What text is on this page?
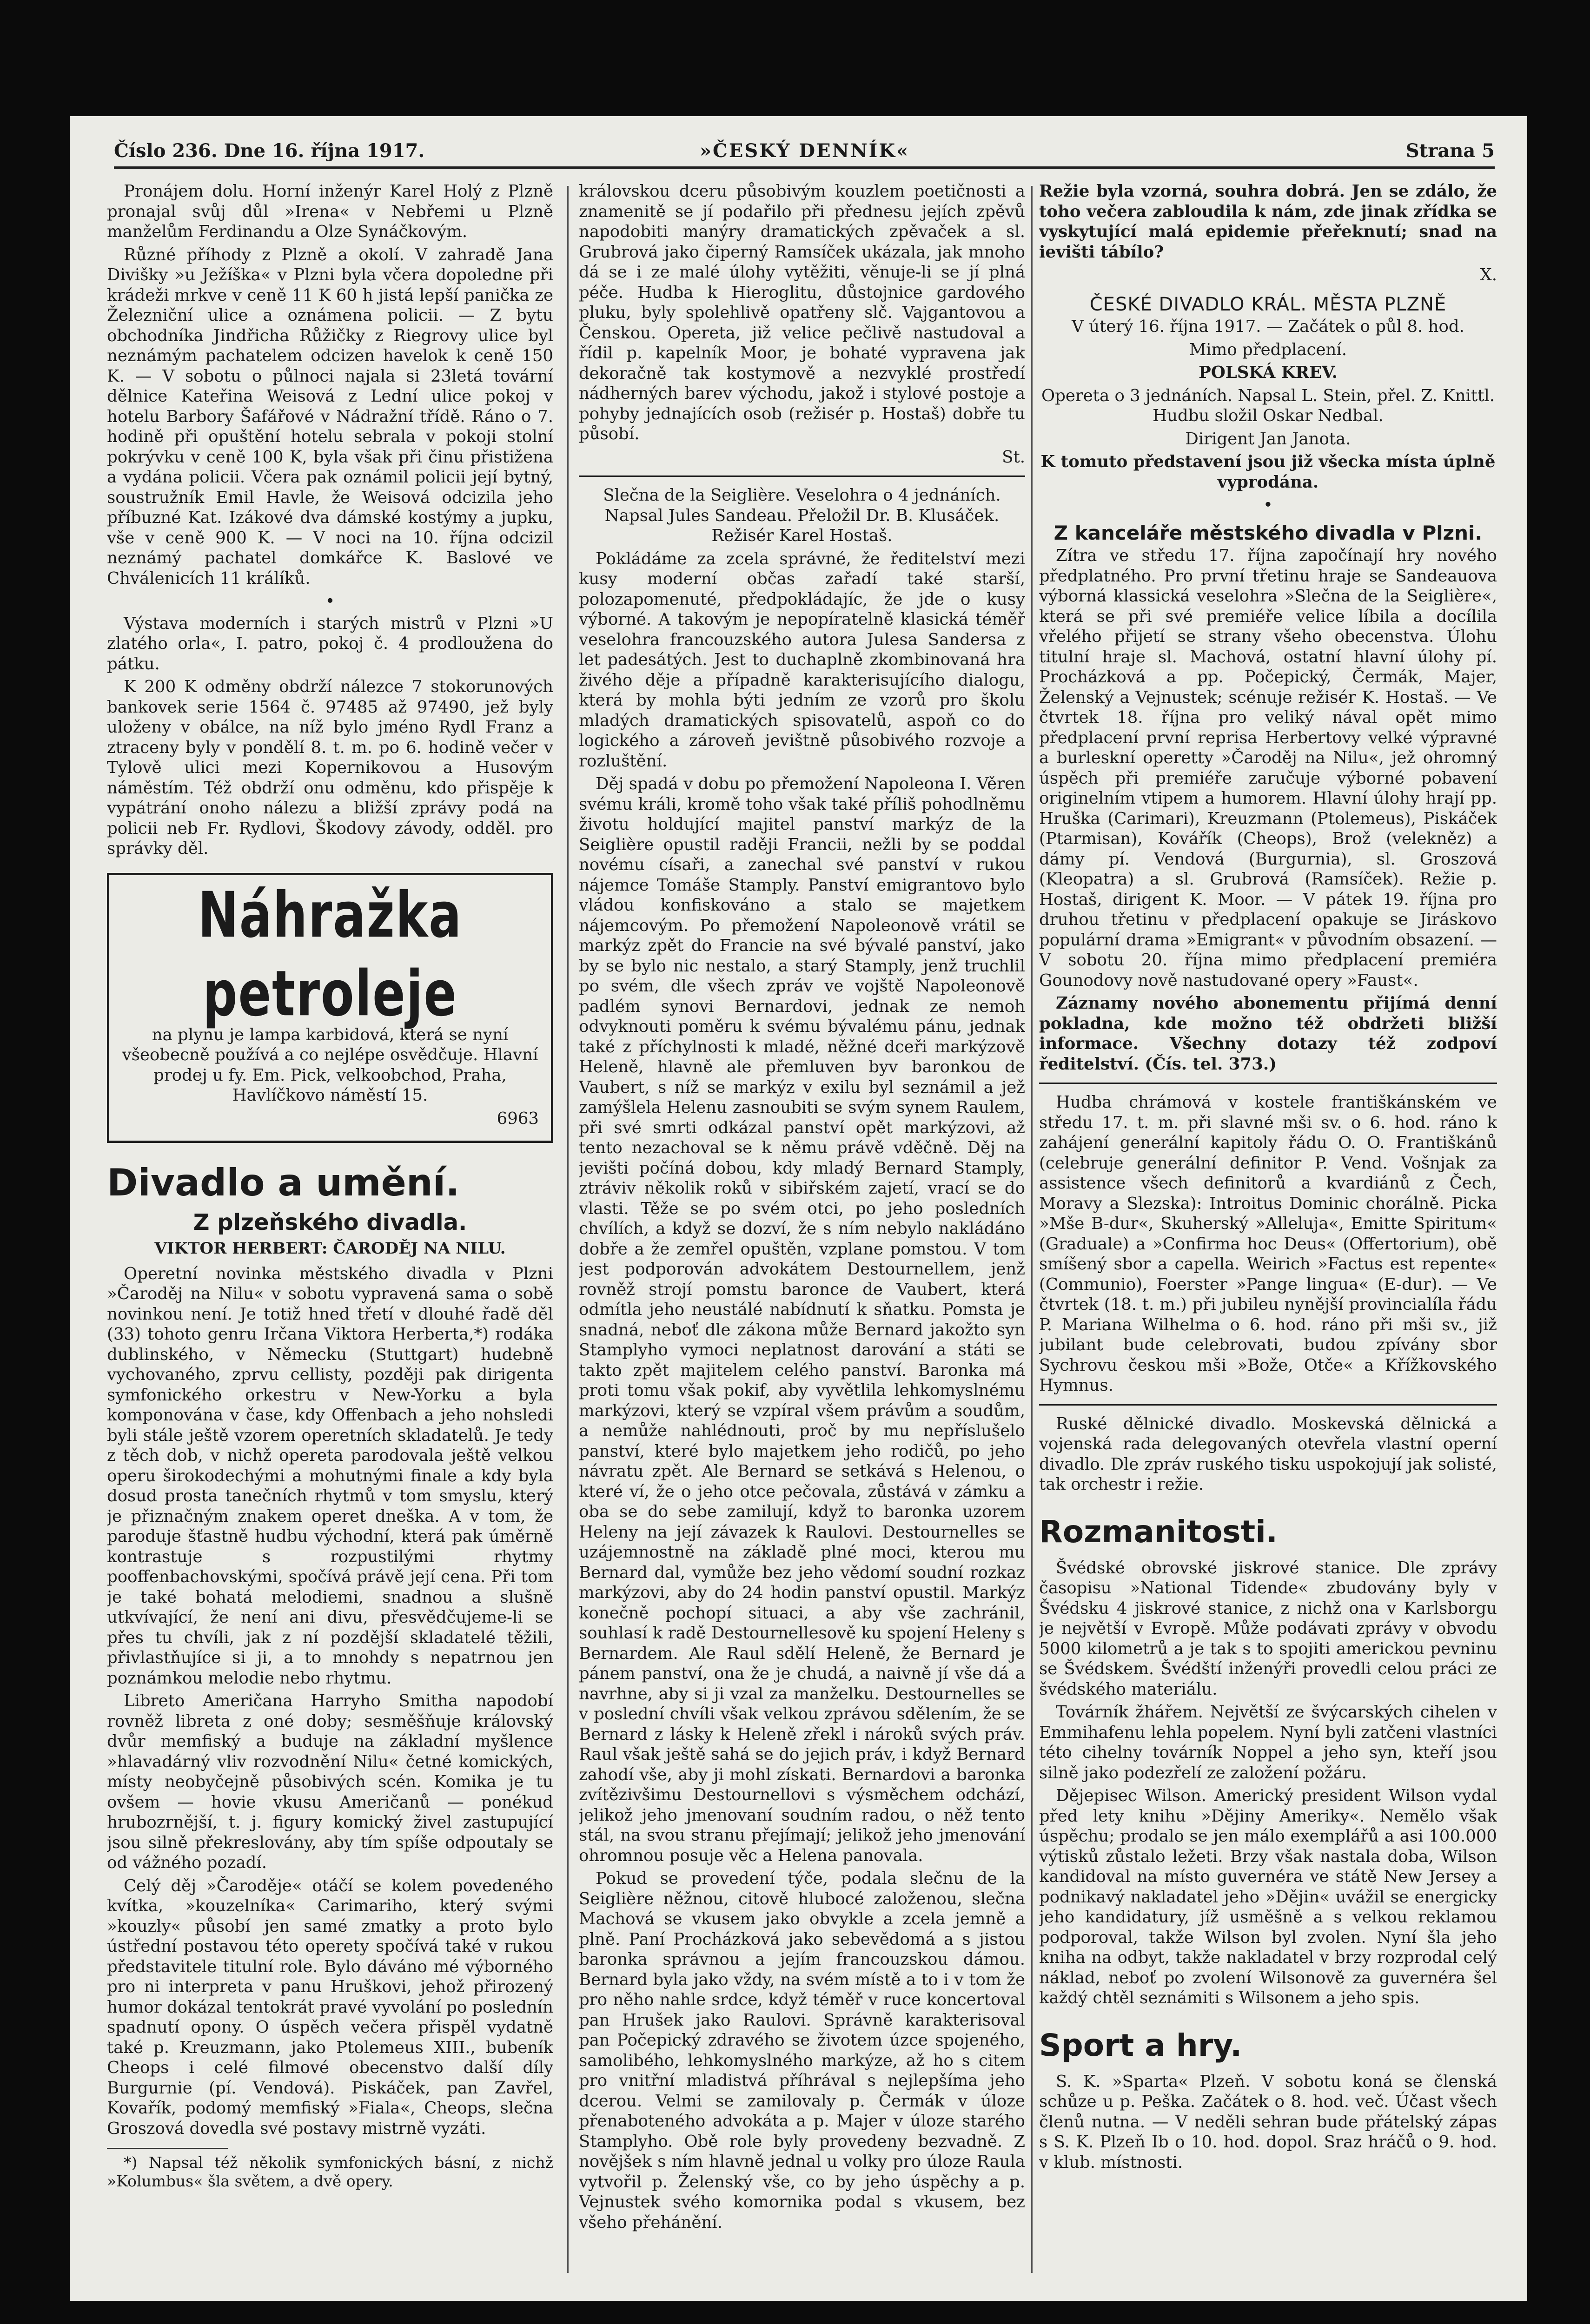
Číslo 236. Dne 16. října 1917.	»ČESKÝ DENNÍK«	Strana 5

Pronájem dolu. Horní inženýr Karel Holý z Plzně pronajal svůj důl »Irena« v Nebřemi u Plzně manželům Ferdinandu a Olze Synáčkovým.

Různé příhody z Plzně a okolí. V zahradě Jana Divišky »u Ježíška« v Plzni byla včera dopoledne při krádeži mrkve v ceně 11 K 60 h jistá lepší panička ze Železniční ulice a oznámena policii. — Z bytu obchodníka Jindřicha Růžičky z Riegrovy ulice byl neznámým pachatelem odcizen havelok k ceně 150 K. — V sobotu o půlnoci najala si 23letá tovární dělnice Kateřina Weisová z Lední ulice pokoj v hotelu Barbory Šafářové v Nádražní třídě. Ráno o 7. hodině při opuštění hotelu sebrala v pokoji stolní pokrývku v ceně 100 K, byla však při činu přistižena a vydána policii. Včera pak oznámil policii její bytný, soustružník Emil Havle, že Weisová odcizila jeho příbuzné Kat. Izákové dva dámské kostýmy a jupku, vše v ceně 900 K. — V noci na 10. října odcizil neznámý pachatel domkářce K. Baslové ve Chválenicích 11 králíků.

•

Výstava moderních i starých mistrů v Plzni »U zlatého orla«, I. patro, pokoj č. 4 prodloužena do pátku.

K 200 K odměny obdrží nálezce 7 stokorunových bankovek serie 1564 č. 97485 až 97490, jež byly uloženy v obálce, na níž bylo jméno Rydl Franz a ztraceny byly v pondělí 8. t. m. po 6. hodině večer v Tylově ulici mezi Kopernikovou a Husovým náměstím. Též obdrží onu odměnu, kdo přispěje k vypátrání onoho nálezu a bližší zprávy podá na policii neb Fr. Rydlovi, Škodovy závody, odděl. pro správky děl.

Náhražka petroleje

na plynu je lampa karbidová, která se nyní všeobecně používá a co nejlépe osvědčuje. Hlavní prodej u fy. Em. Pick, velkoobchod, Praha, Havlíčkovo náměstí 15.

6963

Divadlo a umění.
Z plzeňského divadla.
VIKTOR HERBERT: ČARODĚJ NA NILU.

Operetní novinka městského divadla v Plzni »Čaroděj na Nilu« v sobotu vypravená sama o sobě novinkou není. Je totiž hned třetí v dlouhé řadě děl (33) tohoto genru Irčana Viktora Herberta,*) rodáka dublinského, v Německu (Stuttgart) hudebně vychovaného, zprvu cellisty, později pak dirigenta symfonického orkestru v New-Yorku a byla komponována v čase, kdy Offenbach a jeho nohsledi byli stále ještě vzorem operetních skladatelů. Je tedy z těch dob, v nichž opereta parodovala ještě velkou operu širokodechými a mohutnými finale a kdy byla dosud prosta tanečních rhytmů v tom smyslu, který je přiznačným znakem operet dneška. A v tom, že paroduje šťastně hudbu východní, která pak úměrně kontrastuje s rozpustilými rhytmy pooffenbachovskými, spočívá právě její cena. Při tom je také bohatá melodiemi, snadnou a slušně utkvívající, že není ani divu, přesvědčujeme-li se přes tu chvíli, jak z ní pozdější skladatelé těžili, přivlastňujíce si ji, a to mnohdy s nepatrnou jen poznámkou melodie nebo rhytmu.

Libreto Američana Harryho Smitha napodobí rovněž libreta z oné doby; sesměšňuje královský dvůr memfiský a buduje na základní myšlence »hlavadárný vliv rozvodnění Nilu« četné komických, místy neobyčejně působivých scén. Komika je tu ovšem — hovie vkusu Američanů — ponékud hrubozrnější, t. j. figury komický živel zastupující jsou silně překreslovány, aby tím spíše odpoutaly se od vážného pozadí.

Celý děj »Čaroděje« otáčí se kolem povedeného kvítka, »kouzelníka« Carimariho, který svými »kouzly« působí jen samé zmatky a proto bylo ústřední postavou této operety spočívá také v rukou představitele titulní role. Bylo dáváno mé výborného pro ni interpreta v panu Hruškovi, jehož přirozený humor dokázal tentokrát pravé vyvolání po poslednín spadnutí opony. O úspěch večera přispěl vydatně také p. Kreuzmann, jako Ptolemeus XIII., bubeník Cheops i celé filmové obecenstvo další díly Burgurnie (pí. Vendová). Piskáček, pan Zavřel, Kovařík, podomý memfiský »Fiala«, Cheops, slečna Groszová dovedla své postavy mistrně vyzáti.

*) Napsal též několik symfonických básní, z nichž »Kolumbus« šla světem, a dvě opery.

královskou dceru působivým kouzlem poetičnosti a znamenitě se jí podařilo při přednesu jejích zpěvů napodobiti manýry dramatických zpěvaček a sl. Grubrová jako čiperný Ramsíček ukázala, jak mnoho dá se i ze malé úlohy vytěžiti, věnuje-li se jí plná péče. Hudba k Hieroglitu, důstojnice gardového pluku, byly spolehlivě opatřeny slč. Vajgantovou a Čenskou. Opereta, již velice pečlivě nastudoval a řídil p. kapelník Moor, je bohaté vypravena jak dekoračně tak kostymově a nezvyklé prostředí nádherných barev východu, jakož i stylové postoje a pohyby jednajících osob (režisér p. Hostaš) dobře tu působí.

St.

Slečna de la Seiglière. Veselohra o 4 jednáních. Napsal Jules Sandeau. Přeložil Dr. B. Klusáček. Režisér Karel Hostaš.

Pokládáme za zcela správné, že ředitelství mezi kusy moderní občas zařadí také starší, polozapomenuté, předpokládajíc, že jde o kusy výborné. A takovým je nepopíratelně klasická téměř veselohra francouzského autora Julesa Sandersa z let padesátých. Jest to duchaplně zkombinovaná hra živého děje a případně karakterisujícího dialogu, která by mohla býti jedním ze vzorů pro školu mladých dramatických spisovatelů, aspoň co do logického a zároveň jevištně působivého rozvoje a rozluštění.

Děj spadá v dobu po přemožení Napoleona I. Věren svému králi, kromě toho však také příliš pohodlněmu životu holdující majitel panství markýz de la Seiglière opustil raději Francii, nežli by se poddal novému císaři, a zanechal své panství v rukou nájemce Tomáše Stamply. Panství emigrantovo bylo vládou konfiskováno a stalo se majetkem nájemcovým. Po přemožení Napoleonově vrátil se markýz zpět do Francie na své bývalé panství, jako by se bylo nic nestalo, a starý Stamply, jenž truchlil po svém, dle všech zpráv ve vojště Napoleonově padlém synovi Bernardovi, jednak ze nemoh odvyknouti poměru k svému bývalému pánu, jednak také z příchylnosti k mladé, něžné dceři markýzově Heleně, hlavně ale přemluven byv baronkou de Vaubert, s níž se markýz v exilu byl seznámil a jež zamýšlela Helenu zasnoubiti se svým synem Raulem, při své smrti odkázal panství opět markýzovi, až tento nezachoval se k němu právě vděčně. Děj na jevišti počíná dobou, kdy mladý Bernard Stamply, ztráviv několik roků v sibiřském zajetí, vrací se do vlasti. Těže se po svém otci, po jeho posledních chvílích, a když se dozví, že s ním nebylo nakládáno dobře a že zemřel opuštěn, vzplane pomstou. V tom jest podporován advokátem Destournellem, jenž rovněž strojí pomstu baronce de Vaubert, která odmítla jeho neustálé nabídnutí k sňatku. Pomsta je snadná, neboť dle zákona může Bernard jakožto syn Stamplyho vymoci neplatnost darování a státi se takto zpět majitelem celého panství. Baronka má proti tomu však pokif, aby vyvětlila lehkomyslnému markýzovi, který se vzpíral všem právům a soudům, a nemůže nahlédnouti, proč by mu nepříslušelo panství, které bylo majetkem jeho rodičů, po jeho návratu zpět. Ale Bernard se setkává s Helenou, o které ví, že o jeho otce pečovala, zůstává v zámku a oba se do sebe zamilují, když to baronka uzorem Heleny na její závazek k Raulovi. Destournelles se uzájemnostně na základě plné moci, kterou mu Bernard dal, vymůže bez jeho vědomí soudní rozkaz markýzovi, aby do 24 hodin panství opustil. Markýz konečně pochopí situaci, a aby vše zachránil, souhlasí k radě Destournellesově ku spojení Heleny s Bernardem. Ale Raul sdělí Heleně, že Bernard je pánem panství, ona že je chudá, a naivně jí vše dá a navrhne, aby si ji vzal za manželku. Destournelles se v poslední chvíli však velkou zprávou sdělením, že se Bernard z lásky k Heleně zřekl i nároků svých práv. Raul však ještě sahá se do jejich práv, i když Bernard zahodí vše, aby ji mohl získati. Bernardovi a baronka zvítězivšimu Destournellovi s výsměchem odchází, jelikož jeho jmenovaní soudním radou, o něž tento stál, na svou stranu přejímají; jelikož jeho jmenování ohromnou posuje věc a Helena panovala.

Pokud se provedení týče, podala slečnu de la Seiglière něžnou, citově hlubocé založenou, slečna Machová se vkusem jako obvykle a zcela jemně a plně. Paní Procházková jako sebevědomá a s jistou baronka správnou a jejím francouzskou dámou. Bernard byla jako vždy, na svém místě a to i v tom že pro něho nahle srdce, když téměř v ruce koncertoval pan Hrušek jako Raulovi. Správně karakterisoval pan Počepický zdravého se životem úzce spojeného, samolibého, lehkomyslného markýze, až ho s citem pro vnitřní mladistvá příhrával s nejlepšíma jeho dcerou. Velmi se zamilovaly p. Čermák v úloze přenaboteného advokáta a p. Majer v úloze starého Stamplyho. Obě role byly provedeny bezvadně. Z novějšek s ním hlavně jednal u volky pro úloze Raula vytvořil p. Želenský vše, co by jeho úspěchy a p. Vejnustek svého komornika podal s vkusem, bez všeho přehánění.

Režie byla vzorná, souhra dobrá. Jen se zdálo, že toho večera zabloudila k nám, zde jinak zřídka se vyskytující malá epidemie přeřeknutí; snad na ievišti tábílo?

X.

ČESKÉ DIVADLO KRÁL. MĚSTA PLZNĚ

V úterý 16. října 1917. — Začátek o půl 8. hod.

Mimo předplacení.

POLSKÁ KREV.

Opereta o 3 jednáních. Napsal L. Stein, přel. Z. Knittl. Hudbu složil Oskar Nedbal.

Dirigent Jan Janota.

K tomuto představení jsou již všecka místa úplně vyprodána.

•
Z kanceláře městského divadla v Plzni.

Zítra ve středu 17. října započínají hry nového předplatného. Pro první třetinu hraje se Sandeauova výborná klassická veselohra »Slečna de la Seiglière«, která se při své premiéře velice líbila a docílila vřelého přijetí se strany všeho obecenstva. Úlohu titulní hraje sl. Machová, ostatní hlavní úlohy pí. Procházková a pp. Počepický, Čermák, Majer, Želenský a Vejnustek; scénuje režisér K. Hostaš. — Ve čtvrtek 18. října pro veliký nával opět mimo předplacení první reprisa Herbertovy velké výpravné a burleskní operetty »Čaroděj na Nilu«, jež ohromný úspěch při premiéře zaručuje výborné pobavení originelním vtipem a humorem. Hlavní úlohy hrají pp. Hruška (Carimari), Kreuzmann (Ptolemeus), Piskáček (Ptarmisan), Kovářík (Cheops), Brož (velekněz) a dámy pí. Vendová (Burgurnia), sl. Groszová (Kleopatra) a sl. Grubrová (Ramsíček). Režie p. Hostaš, dirigent K. Moor. — V pátek 19. října pro druhou třetinu v předplacení opakuje se Jiráskovo populární drama »Emigrant« v původním obsazení. — V sobotu 20. října mimo předplacení premiéra Gounodovy nově nastudované opery »Faust«.

Záznamy nového abonementu přijímá denní pokladna, kde možno též obdržeti bližší informace. Všechny dotazy též zodpoví ředitelství. (Čís. tel. 373.)

Hudba chrámová v kostele františkánském ve středu 17. t. m. při slavné mši sv. o 6. hod. ráno k zahájení generální kapitoly řádu O. O. Františkánů (celebruje generální definitor P. Vend. Vošnjak za assistence všech definitorů a kvardiánů z Čech, Moravy a Slezska): Introitus Dominic chorálně. Picka »Mše B-dur«, Skuherský »Alleluja«, Emitte Spiritum« (Graduale) a »Confirma hoc Deus« (Offertorium), obě smíšený sbor a capella. Weirich »Factus est repente« (Communio), Foerster »Pange lingua« (E-dur). — Ve čtvrtek (18. t. m.) při jubileu nynější provincialíla řádu P. Mariana Wilhelma o 6. hod. ráno při mši sv., již jubilant bude celebrovati, budou zpívány sbor Sychrovu českou mši »Bože, Otče« a Křížkovského Hymnus.

Ruské dělnické divadlo. Moskevská dělnická a vojenská rada delegovaných otevřela vlastní operní divadlo. Dle zpráv ruského tisku uspokojují jak solisté, tak orchestr i režie.

Rozmanitosti.

Švédské obrovské jiskrové stanice. Dle zprávy časopisu »National Tidende« zbudovány byly v Švédsku 4 jiskrové stanice, z nichž ona v Karlsborgu je největší v Evropě. Může podávati zprávy v obvodu 5000 kilometrů a je tak s to spojiti americkou pevninu se Švédskem. Švédští inženýři provedli celou práci ze švédského materiálu.

Továrník žhářem. Největší ze švýcarských cihelen v Emmihafenu lehla popelem. Nyní byli zatčeni vlastníci této cihelny továrník Noppel a jeho syn, kteří jsou silně jako podezřelí ze založení požáru.

Dějepisec Wilson. Americký president Wilson vydal před lety knihu »Dějiny Ameriky«. Nemělo však úspěchu; prodalo se jen málo exemplářů a asi 100.000 výtisků zůstalo ležeti. Brzy však nastala doba, Wilson kandidoval na místo guvernéra ve státě New Jersey a podnikavý nakladatel jeho »Dějin« uvážil se energicky jeho kandidatury, jíž usměšně a s velkou reklamou podporoval, takže Wilson byl zvolen. Nyní šla jeho kniha na odbyt, takže nakladatel v brzy rozprodal celý náklad, neboť po zvolení Wilsonově za guvernéra šel každý chtěl seznámiti s Wilsonem a jeho spis.

Sport a hry.

S. K. »Sparta« Plzeň. V sobotu koná se členská schůze u p. Peška. Začátek o 8. hod. več. Účast všech členů nutna. — V neděli sehran bude přátelský zápas s S. K. Plzeň Ib o 10. hod. dopol. Sraz hráčů o 9. hod. v klub. místnosti.
